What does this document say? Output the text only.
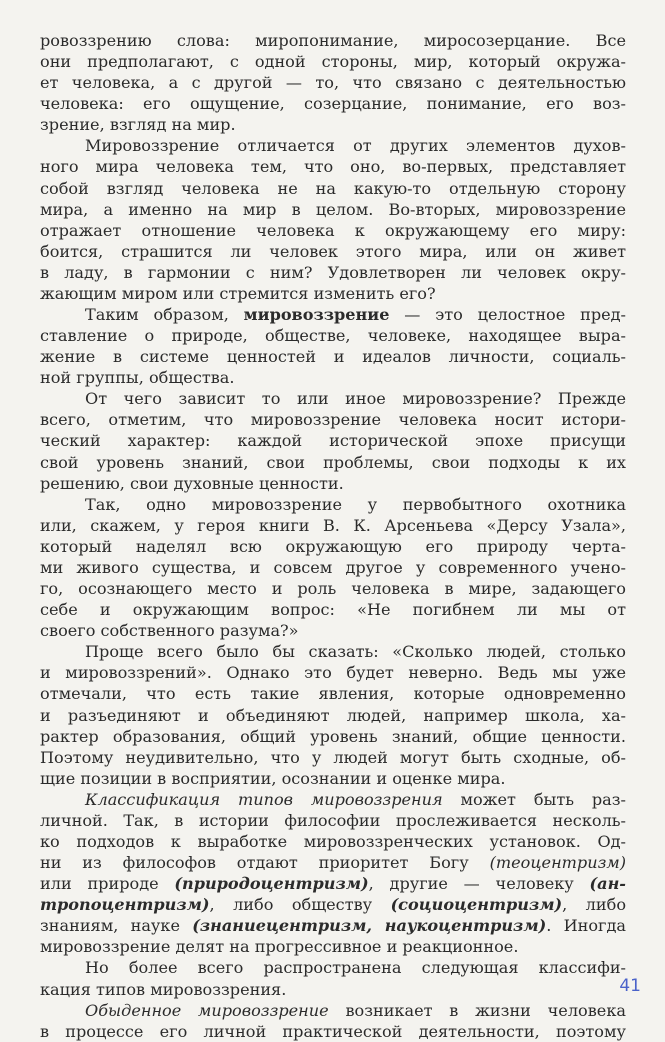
ровоззрению слова: миропонимание, миросозерцание. Все
они предполагают, с одной стороны, мир, который окружа-
ет человека, а с другой — то, что связано с деятельностью
человека: его ощущение, созерцание, понимание, его воз-
зрение, взгляд на мир.
Мировоззрение отличается от других элементов духов-
ного мира человека тем, что оно, во-первых, представляет
собой взгляд человека не на какую-то отдельную сторону
мира, а именно на мир в целом. Во-вторых, мировоззрение
отражает отношение человека к окружающему его миру:
боится, страшится ли человек этого мира, или он живет
в ладу, в гармонии с ним? Удовлетворен ли человек окру-
жающим миром или стремится изменить его?
Таким образом, мировоззрение — это целостное пред-
ставление о природе, обществе, человеке, находящее выра-
жение в системе ценностей и идеалов личности, социаль-
ной группы, общества.
От чего зависит то или иное мировоззрение? Прежде
всего, отметим, что мировоззрение человека носит истори-
ческий характер: каждой исторической эпохе присущи
свой уровень знаний, свои проблемы, свои подходы к их
решению, свои духовные ценности.
Так, одно мировоззрение у первобытного охотника
или, скажем, у героя книги В. К. Арсеньева «Дерсу Узала»,
который наделял всю окружающую его природу черта-
ми живого существа, и совсем другое у современного учено-
го, осознающего место и роль человека в мире, задающего
себе и окружающим вопрос: «Не погибнем ли мы от
своего собственного разума?»
Проще всего было бы сказать: «Сколько людей, столько
и мировоззрений». Однако это будет неверно. Ведь мы уже
отмечали, что есть такие явления, которые одновременно
и разъединяют и объединяют людей, например школа, ха-
рактер образования, общий уровень знаний, общие ценности.
Поэтому неудивительно, что у людей могут быть сходные, об-
щие позиции в восприятии, осознании и оценке мира.
Классификация типов мировоззрения может быть раз-
личной. Так, в истории философии прослеживается несколь-
ко подходов к выработке мировоззренческих установок. Од-
ни из философов отдают приоритет Богу (теоцентризм)
или природе (природоцентризм), другие — человеку (ан-
тропоцентризм), либо обществу (социоцентризм), либо
знаниям, науке (знаниецентризм, наукоцентризм). Иногда
мировоззрение делят на прогрессивное и реакционное.
Но более всего распространена следующая классифи-
кация типов мировоззрения.
Обыденное мировоззрение возникает в жизни человека
в процессе его личной практической деятельности, поэтому
41
